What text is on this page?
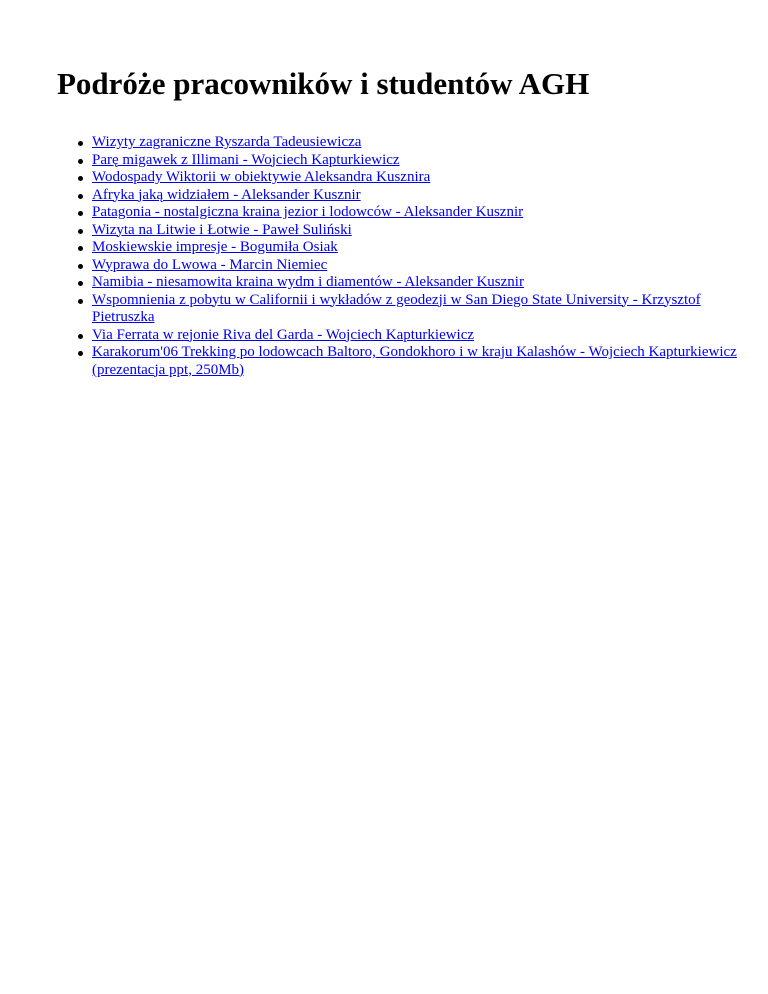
Podróże pracowników i studentów AGH
Wizyty zagraniczne Ryszarda Tadeusiewicza
Parę migawek z Illimani - Wojciech Kapturkiewicz
Wodospady Wiktorii w obiektywie Aleksandra Kusznira
Afryka jaką widziałem - Aleksander Kusznir
Patagonia - nostalgiczna kraina jezior i lodowców - Aleksander Kusznir
Wizyta na Litwie i Łotwie - Paweł Suliński
Moskiewskie impresje - Bogumiła Osiak
Wyprawa do Lwowa - Marcin Niemiec
Namibia - niesamowita kraina wydm i diamentów - Aleksander Kusznir
Wspomnienia z pobytu w Californii i wykładów z geodezji w San Diego State University - Krzysztof Pietruszka
Via Ferrata w rejonie Riva del Garda - Wojciech Kapturkiewicz
Karakorum'06 Trekking po lodowcach Baltoro, Gondokhoro i w kraju Kalashów - Wojciech Kapturkiewicz (prezentacja ppt, 250Mb)
